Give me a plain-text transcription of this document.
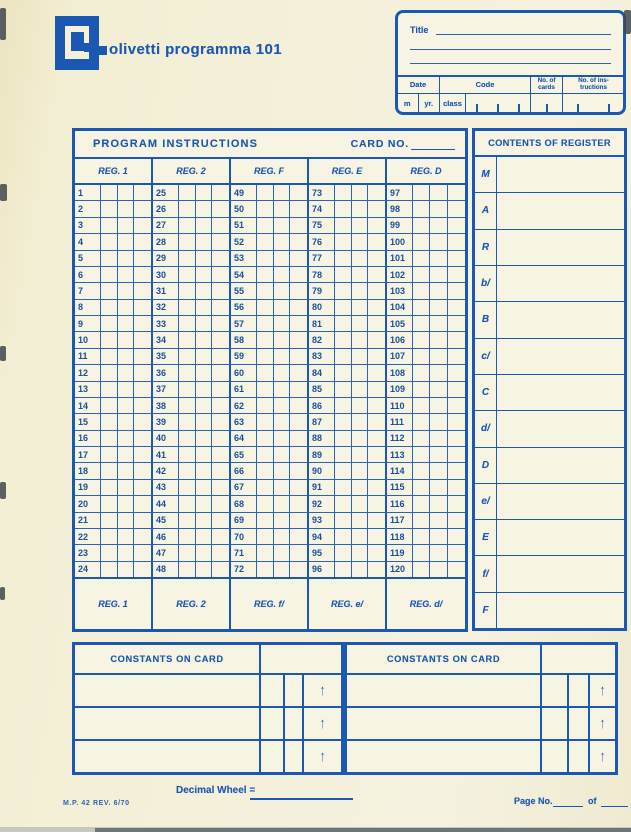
olivetti programma 101
Title
Date
m	yr.
Code
class
No. of
cards
No. of ins-
tructions
PROGRAM INSTRUCTIONS	CARD NO.
REG. 1	REG. 2	REG. F	REG. E	REG. D
1	25	49	73	97
2	26	50	74	98
3	27	51	75	99
4	28	52	76	100
5	29	53	77	101
6	30	54	78	102
7	31	55	79	103
8	32	56	80	104
9	33	57	81	105
10	34	58	82	106
11	35	59	83	107
12	36	60	84	108
13	37	61	85	109
14	38	62	86	110
15	39	63	87	111
16	40	64	88	112
17	41	65	89	113
18	42	66	90	114
19	43	67	91	115
20	44	68	92	116
21	45	69	93	117
22	46	70	94	118
23	47	71	95	119
24	48	72	96	120
REG. 1	REG. 2	REG. f/	REG. e/	REG. d/
CONTENTS OF REGISTER
M
A
R
b/
B
c/
C
d/
D
e/
E
f/
F
CONSTANTS ON CARD
↑
↑
↑
CONSTANTS ON CARD
↑
↑
↑
Decimal Wheel =
M.P. 42 REV. 6/70	Page No.	of
